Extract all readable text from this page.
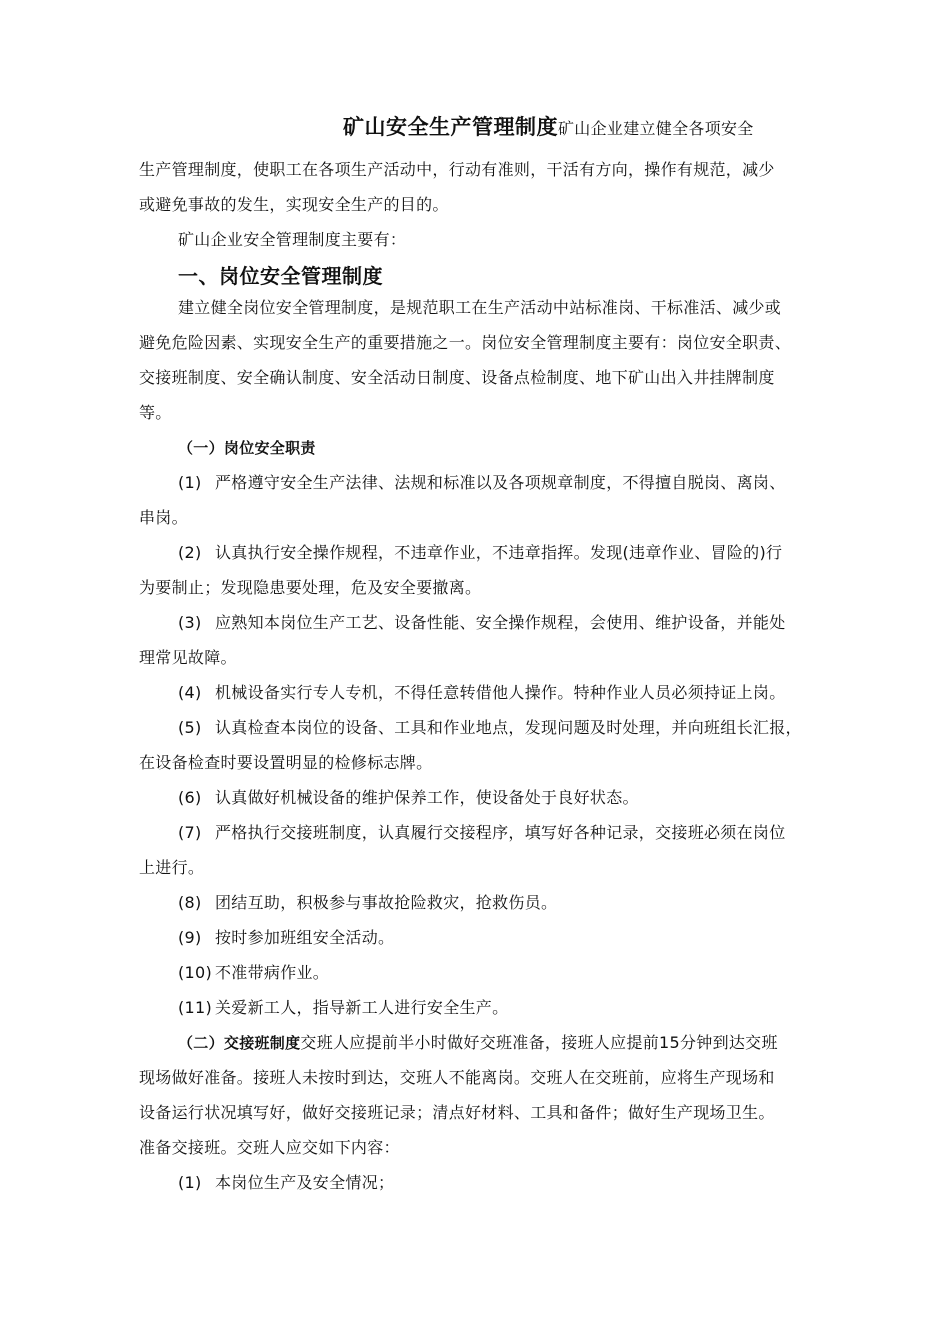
矿山安全生产管理制度矿山企业建立健全各项安全
生产管理制度，使职工在各项生产活动中，行动有准则，干活有方向，操作有规范，减少
或避免事故的发生，实现安全生产的目的。
矿山企业安全管理制度主要有：
一、岗位安全管理制度
建立健全岗位安全管理制度，是规范职工在生产活动中站标准岗、干标准活、减少或
避免危险因素、实现安全生产的重要措施之一。岗位安全管理制度主要有：岗位安全职责、
交接班制度、安全确认制度、安全活动日制度、设备点检制度、地下矿山出入井挂牌制度
等。
（一）岗位安全职责
(1) 严格遵守安全生产法律、法规和标准以及各项规章制度，不得擅自脱岗、离岗、
串岗。
(2) 认真执行安全操作规程，不违章作业，不违章指挥。发现(违章作业、冒险的)行
为要制止；发现隐患要处理，危及安全要撤离。
(3) 应熟知本岗位生产工艺、设备性能、安全操作规程，会使用、维护设备，并能处
理常见故障。
(4) 机械设备实行专人专机，不得任意转借他人操作。特种作业人员必须持证上岗。
(5) 认真检查本岗位的设备、工具和作业地点，发现问题及时处理，并向班组长汇报，
在设备检查时要设置明显的检修标志牌。
(6) 认真做好机械设备的维护保养工作，使设备处于良好状态。
(7) 严格执行交接班制度，认真履行交接程序，填写好各种记录，交接班必须在岗位
上进行。
(8) 团结互助，积极参与事故抢险救灾，抢救伤员。
(9) 按时参加班组安全活动。
(10) 不准带病作业。
(11) 关爱新工人，指导新工人进行安全生产。
（二）交接班制度交班人应提前半小时做好交班准备，接班人应提前15分钟到达交班
现场做好准备。接班人未按时到达，交班人不能离岗。交班人在交班前，应将生产现场和
设备运行状况填写好，做好交接班记录；清点好材料、工具和备件；做好生产现场卫生。
准备交接班。交班人应交如下内容：
(1) 本岗位生产及安全情况；
